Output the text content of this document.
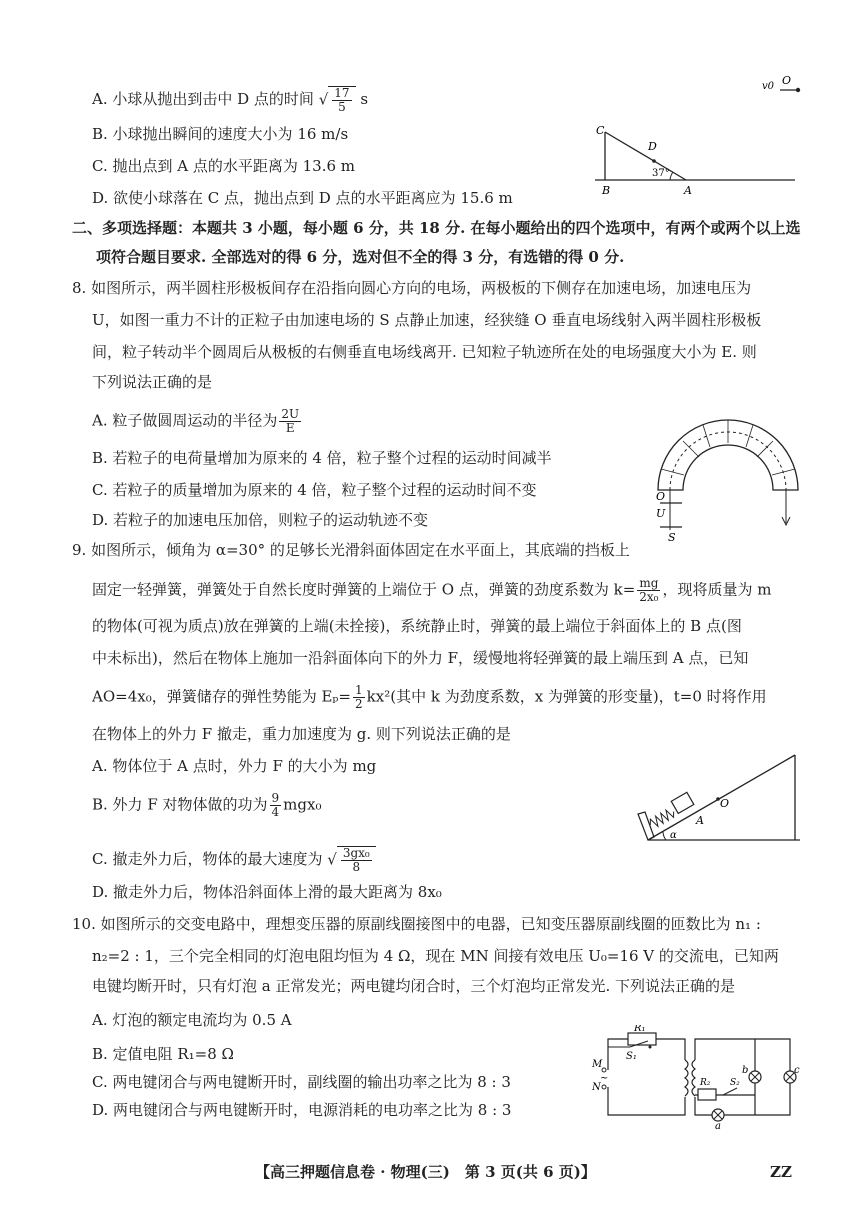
A. 小球从抛出到击中 D 点的时间 √ $\frac{17}{5}$ s
B. 小球抛出瞬间的速度大小为 16 m/s
C. 抛出点到 A 点的水平距离为 13.6 m
D. 欲使小球落在 C 点，抛出点到 D 点的水平距离应为 15.6 m
v0 O
C
D
37°
B	A
二、多项选择题：本题共 3 小题，每小题 6 分，共 18 分. 在每小题给出的四个选项中，有两个或两个以上选
项符合题目要求. 全部选对的得 6 分，选对但不全的得 3 分，有选错的得 0 分.
8. 如图所示，两半圆柱形极板间存在沿指向圆心方向的电场，两极板的下侧存在加速电场，加速电压为
U，如图一重力不计的正粒子由加速电场的 S 点静止加速，经狭缝 O 垂直电场线射入两半圆柱形极板
间，粒子转动半个圆周后从极板的右侧垂直电场线离开. 已知粒子轨迹所在处的电场强度大小为 E. 则
下列说法正确的是
A. 粒子做圆周运动的半径为 $\frac{2U}{E}$
B. 若粒子的电荷量增加为原来的 4 倍，粒子整个过程的运动时间减半
C. 若粒子的质量增加为原来的 4 倍，粒子整个过程的运动时间不变
D. 若粒子的加速电压加倍，则粒子的运动轨迹不变
O
U
S
9. 如图所示，倾角为 α=30° 的足够长光滑斜面体固定在水平面上，其底端的挡板上
固定一轻弹簧，弹簧处于自然长度时弹簧的上端位于 O 点，弹簧的劲度系数为 $k= \frac{mg}{\text{2x₀}}$ ，现将质量为 m
的物体(可视为质点)放在弹簧的上端(未拴接)，系统静止时，弹簧的最上端位于斜面体上的 B 点(图
中未标出)，然后在物体上施加一沿斜面体向下的外力 F，缓慢地将轻弹簧的最上端压到 A 点，已知
AO=4x₀，弹簧储存的弹性势能为 $E_p= \frac{1}{2} kx^2$(其中 k 为劲度系数，x 为弹簧的形变量)，t=0 时将作用
在物体上的外力 F 撤走，重力加速度为 g. 则下列说法正确的是
A. 物体位于 A 点时，外力 F 的大小为 mg
B. 外力 F 对物体做的功为 $\frac{9}{4} mgx_0$
C. 撤走外力后，物体的最大速度为 √ $\frac{\text{3gx₀}}{8}$
D. 撤走外力后，物体沿斜面体上滑的最大距离为 8x₀
α
A
O
10. 如图所示的交变电路中，理想变压器的原副线圈接图中的电器，已知变压器原副线圈的匝数比为 n₁ :
n₂=2 : 1，三个完全相同的灯泡电阻均恒为 4 Ω，现在 MN 间接有效电压 U₀=16 V 的交流电，已知两
电键均断开时，只有灯泡 a 正常发光；两电键均闭合时，三个灯泡均正常发光. 下列说法正确的是
A. 灯泡的额定电流均为 0.5 A
B. 定值电阻 R₁=8 Ω
C. 两电键闭合与两电键断开时，副线圈的输出功率之比为 8 : 3
D. 两电键闭合与两电键断开时，电源消耗的电功率之比为 8 : 3
R₁
S₁
M
N
~
b	c
R₂ S₂
a
【高三押题信息卷 · 物理(三)　第 3 页(共 6 页)】	ZZ
